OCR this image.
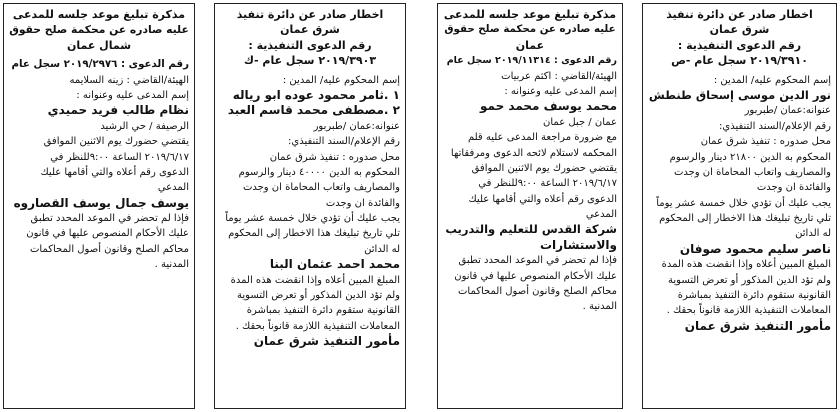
مذكرة تبليغ موعد جلسه للمدعى
عليه صادره عن محكمة صلح حقوق
شمال عمان
رقم الدعوى : ٢٠١٩/٢٩٧٦ سجل عام
الهيئة/القاضي : زينه السلايمه
إسم المدعى عليه وعنوانه :
نظام طالب فريد حميدي
الرصيفة / حي الرشيد
يقتضي حضورك يوم الاثنين الموافق
٢٠١٩/٦/١٧ الساعة ٩:٠٠للنظر في
الدعوى رقم أعلاه والتي أقامها عليك
المدعي
يوسف جمال يوسف القصاروه
فإذا لم تحضر في الموعد المحدد تطبق
عليك الأحكام المنصوص عليها في قانون
محاكم الصلح وقانون أصول المحاكمات
المدنية .
اخطار صادر عن دائرة تنفيذ
شرق عمان
رقم الدعوى التنفيذية :
٢٠١٩/٣٩٠٣ سجل عام -ك
إسم المحكوم عليه/ المدين :
١ .ثامر محمود عوده ابو رياله
٢ .مصطفى محمد قاسم العبد
عنوانه:عمان /طبربور
رقم الإعلام/السند التنفيذي:
محل صدوره : تنفيذ شرق عمان
المحكوم به الدين ٤٠٠٠٠ دينار والرسوم
والمصاريف واتعاب المحاماة ان وجدت
والفائدة ان وجدت
يجب عليك أن تؤدي خلال خمسة عشر يوماً
تلي تاريخ تبليغك هذا الاخطار إلى المحكوم
له الدائن
محمد احمد عثمان البنا
المبلغ المبين أعلاه وإذا انقضت هذه المدة
ولم تؤد الدين المذكور أو تعرض التسوية
القانونية ستقوم دائرة التنفيذ بمباشرة
المعاملات التنفيذية اللازمة قانوناً بحقك .
مأمور التنفيذ شرق عمان
مذكرة تبليغ موعد جلسه للمدعى
عليه صادره عن محكمة صلح حقوق
عمان
رقم الدعوى : ٢٠١٩/١١٣١٤ سجل عام
الهيئة/القاضي : اكثم عربيات
إسم المدعى عليه وعنوانه :
محمد يوسف محمد حمو
عمان / جبل عمان
مع ضرورة مراجعة المدعى عليه قلم
المحكمه لاستلام لائحه الدعوى ومرفقاتها
يقتضي حضورك يوم الاثنين الموافق
٢٠١٩/٦/١٧ الساعة ٩:٠٠للنظر في
الدعوى رقم أعلاه والتي أقامها عليك
المدعي
شركة القدس للتعليم والتدريب
والاستشارات
فإذا لم تحضر في الموعد المحدد تطبق
عليك الأحكام المنصوص عليها في قانون
محاكم الصلح وقانون أصول المحاكمات
المدنية .
اخطار صادر عن دائرة تنفيذ
شرق عمان
رقم الدعوى التنفيذية :
٢٠١٩/٣٩١٠ سجل عام -ص
إسم المحكوم عليه/ المدين :
نور الدين موسى إسحاق طنطش
عنوانه:عمان /طبربور
رقم الإعلام/السند التنفيذي:
محل صدوره : تنفيذ شرق عمان
المحكوم به الدين ٢١٨٠٠ دينار والرسوم
والمصاريف واتعاب المحاماة ان وجدت
والفائدة ان وجدت
يجب عليك أن تؤدي خلال خمسة عشر يوماً
تلي تاريخ تبليغك هذا الاخطار إلى المحكوم
له الدائن
ناصر سليم محمود صوفان
المبلغ المبين أعلاه وإذا انقضت هذه المدة
ولم تؤد الدين المذكور أو تعرض التسوية
القانونية ستقوم دائرة التنفيذ بمباشرة
المعاملات التنفيذية اللازمة قانوناً بحقك .
مأمور التنفيذ شرق عمان
